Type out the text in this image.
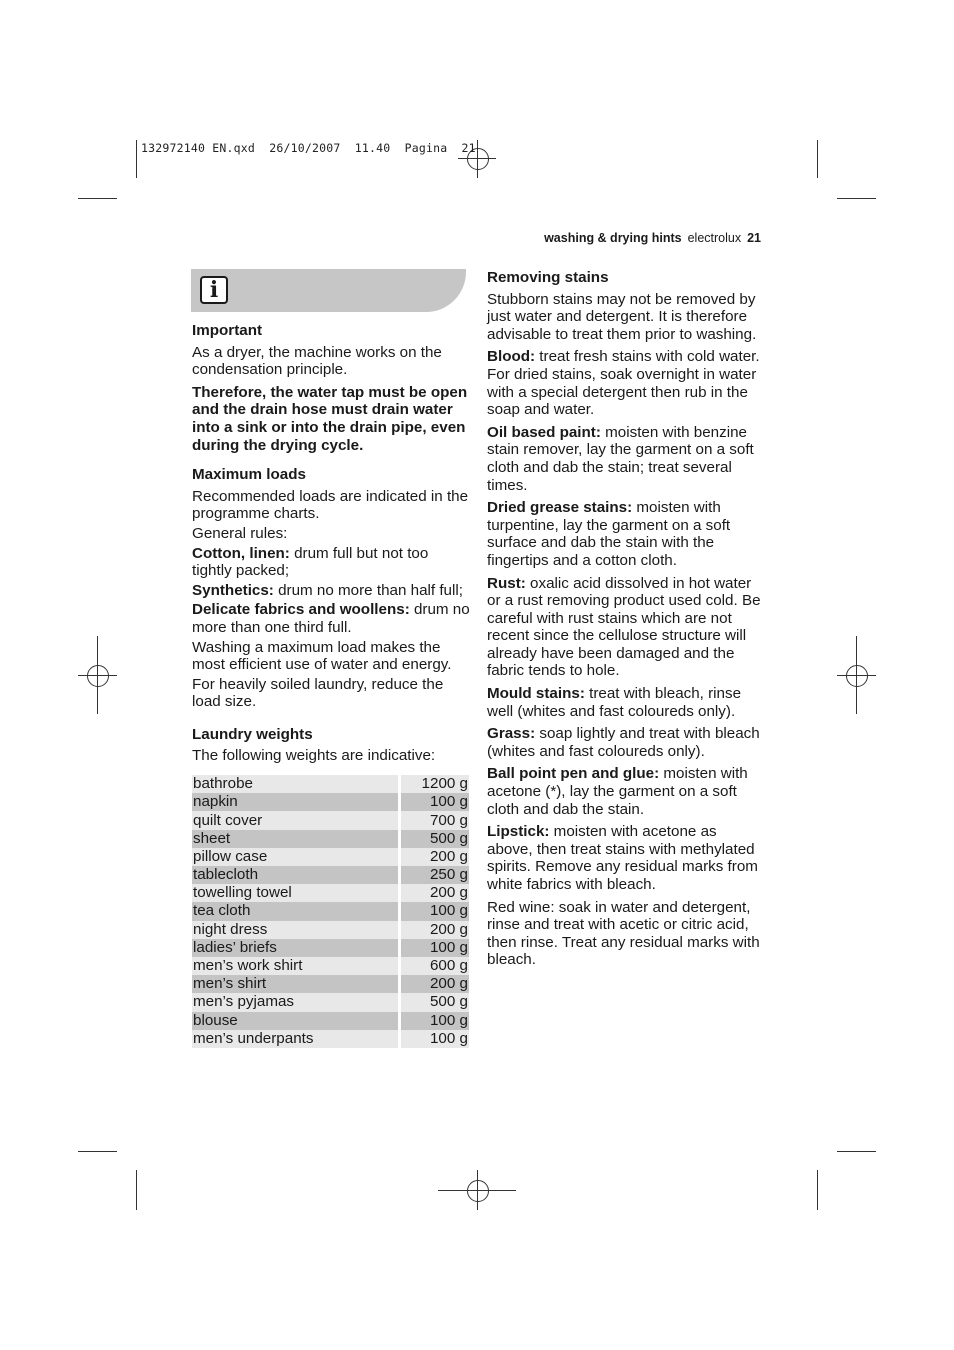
132972140 EN.qxd  26/10/2007  11.40  Pagina  21
washing & drying hints electrolux 21
i
Important

As a dryer, the machine works on the condensation principle.

Therefore, the water tap must be open and the drain hose must drain water into a sink or into the drain pipe, even during the drying cycle.

Maximum loads

Recommended loads are indicated in the programme charts.

General rules:

Cotton, linen: drum full but not too tightly packed;

Synthetics: drum no more than half full;

Delicate fabrics and woollens: drum no more than one third full.

Washing a maximum load makes the most efficient use of water and energy.

For heavily soiled laundry, reduce the load size.

Laundry weights

The following weights are indicative:

bathrobe		1200 g
napkin		100 g
quilt cover		700 g
sheet		500 g
pillow case		200 g
tablecloth		250 g
towelling towel		200 g
tea cloth		100 g
night dress		200 g
ladies’ briefs		100 g
men’s work shirt		600 g
men’s shirt		200 g
men’s pyjamas		500 g
blouse		100 g
men’s underpants		100 g
Removing stains

Stubborn stains may not be removed by just water and detergent. It is therefore advisable to treat them prior to washing.

Blood: treat fresh stains with cold water. For dried stains, soak overnight in water with a special detergent then rub in the soap and water.

Oil based paint: moisten with benzine stain remover, lay the garment on a soft cloth and dab the stain; treat several times.

Dried grease stains: moisten with turpentine, lay the garment on a soft surface and dab the stain with the fingertips and a cotton cloth.

Rust: oxalic acid dissolved in hot water or a rust removing product used cold. Be careful with rust stains which are not recent since the cellulose structure will already have been damaged and the fabric tends to hole.

Mould stains: treat with bleach, rinse well (whites and fast coloureds only).

Grass: soap lightly and treat with bleach (whites and fast coloureds only).

Ball point pen and glue: moisten with acetone (*), lay the garment on a soft cloth and dab the stain.

Lipstick: moisten with acetone as above, then treat stains with methylated spirits. Remove any residual marks from white fabrics with bleach.

Red wine: soak in water and detergent, rinse and treat with acetic or citric acid, then rinse. Treat any residual marks with bleach.
